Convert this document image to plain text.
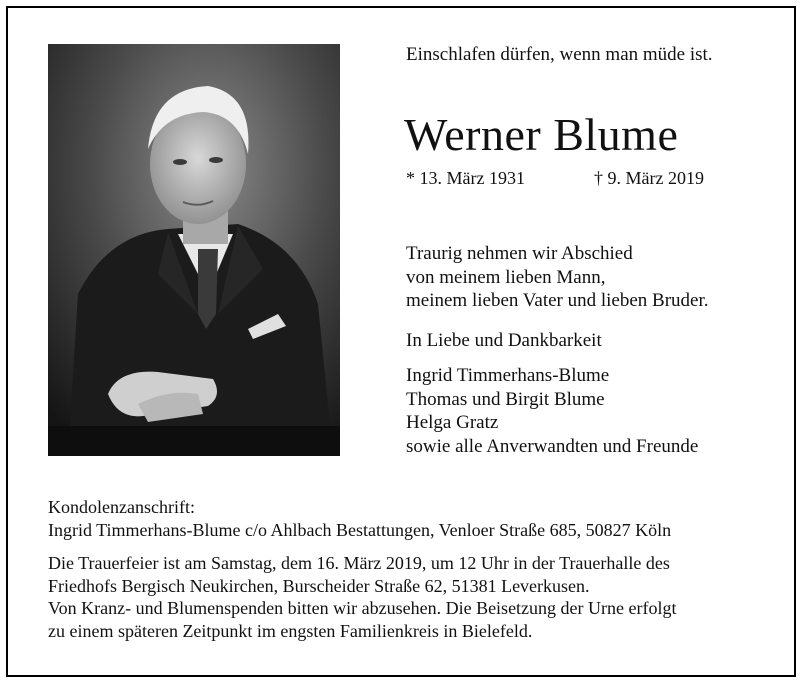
Einschlafen dürfen, wenn man müde ist.
Werner Blume
* 13. März 1931	† 9. März 2019
Traurig nehmen wir Abschied
von meinem lieben Mann,
meinem lieben Vater und lieben Bruder.
In Liebe und Dankbarkeit
Ingrid Timmerhans-Blume
Thomas und Birgit Blume
Helga Gratz
sowie alle Anverwandten und Freunde
Kondolenzanschrift:
Ingrid Timmerhans-Blume c/o Ahlbach Bestattungen, Venloer Straße 685, 50827 Köln
Die Trauerfeier ist am Samstag, dem 16. März 2019, um 12 Uhr in der Trauerhalle des
Friedhofs Bergisch Neukirchen, Burscheider Straße 62, 51381 Leverkusen.
Von Kranz- und Blumenspenden bitten wir abzusehen. Die Beisetzung der Urne erfolgt
zu einem späteren Zeitpunkt im engsten Familienkreis in Bielefeld.
